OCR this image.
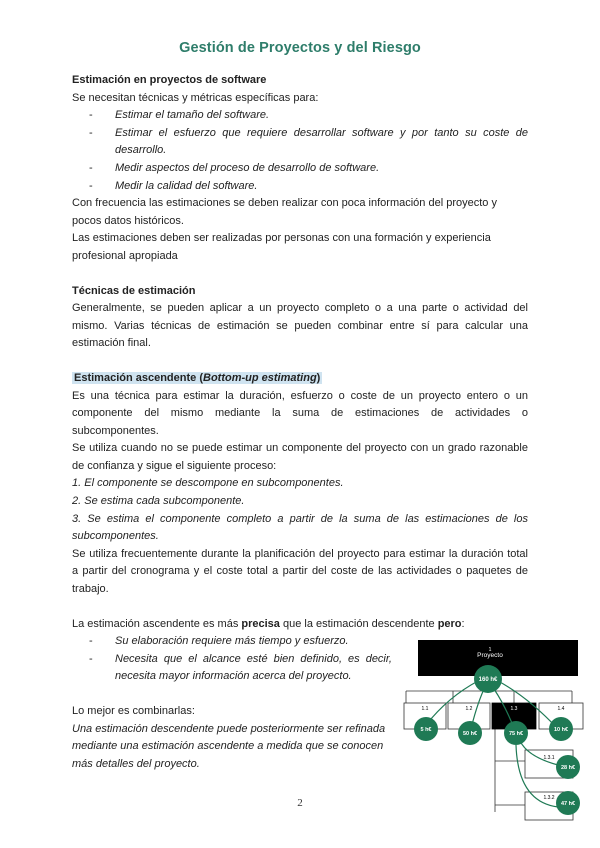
Gestión de Proyectos y del Riesgo

Estimación en proyectos de software

Se necesitan técnicas y métricas específicas para:

-	Estimar el tamaño del software.
-	Estimar el esfuerzo que requiere desarrollar software y por tanto su coste de desarrollo.
-	Medir aspectos del proceso de desarrollo de software.
-	Medir la calidad del software.

Con frecuencia las estimaciones se deben realizar con poca información del proyecto y pocos datos históricos.

Las estimaciones deben ser realizadas por personas con una formación y experiencia profesional apropiada

Técnicas de estimación

Generalmente, se pueden aplicar a un proyecto completo o a una parte o actividad del mismo. Varias técnicas de estimación se pueden combinar entre sí para calcular una estimación final.

Estimación ascendente (Bottom-up estimating)

Es una técnica para estimar la duración, esfuerzo o coste de un proyecto entero o un componente del mismo mediante la suma de estimaciones de actividades o subcomponentes.

Se utiliza cuando no se puede estimar un componente del proyecto con un grado razonable de confianza y sigue el siguiente proceso:

1. El componente se descompone en subcomponentes.

2. Se estima cada subcomponente.

3. Se estima el componente completo a partir de la suma de las estimaciones de los subcomponentes.

Se utiliza frecuentemente durante la planificación del proyecto para estimar la duración total a partir del cronograma y el coste total a partir del coste de las actividades o paquetes de trabajo.

La estimación ascendente es más precisa que la estimación descendente pero:

-	Su elaboración requiere más tiempo y esfuerzo.
-	Necesita que el alcance esté bien definido, es decir, necesita mayor información acerca del proyecto.

Lo mejor es combinarlas:

Una estimación descendente puede posteriormente ser refinada mediante una estimación ascendente a medida que se conocen más detalles del proyecto.

1
Proyecto
1.1	1.2	1.3	1.4
1.3.1
1.3.2
160 h€
5 h€
50 h€	75 h€
10 h€
28 h€
47 h€
2
